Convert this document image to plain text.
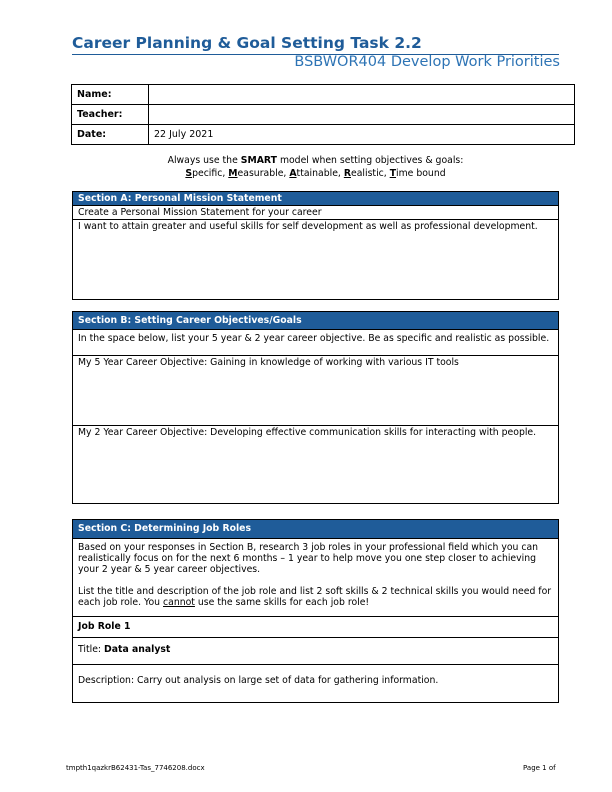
Career Planning & Goal Setting Task 2.2
BSBWOR404 Develop Work Priorities
Name:	
Teacher:	
Date:	22 July 2021
Always use the SMART model when setting objectives & goals:
Specific, Measurable, Attainable, Realistic, Time bound
Section A: Personal Mission Statement
Create a Personal Mission Statement for your career
I want to attain greater and useful skills for self development as well as professional development.
Section B: Setting Career Objectives/Goals
In the space below, list your 5 year & 2 year career objective. Be as specific and realistic as possible.
My 5 Year Career Objective: Gaining in knowledge of working with various IT tools
My 2 Year Career Objective: Developing effective communication skills for interacting with people.
Section C: Determining Job Roles
Based on your responses in Section B, research 3 job roles in your professional field which you can realistically focus on for the next 6 months – 1 year to help move you one step closer to achieving your 2 year & 5 year career objectives.
List the title and description of the job role and list 2 soft skills & 2 technical skills you would need for each job role. You cannot use the same skills for each job role!
Job Role 1
Title: Data analyst
Description: Carry out analysis on large set of data for gathering information.
tmpth1qazkrB62431-Tas_7746208.docx	Page 1 of
